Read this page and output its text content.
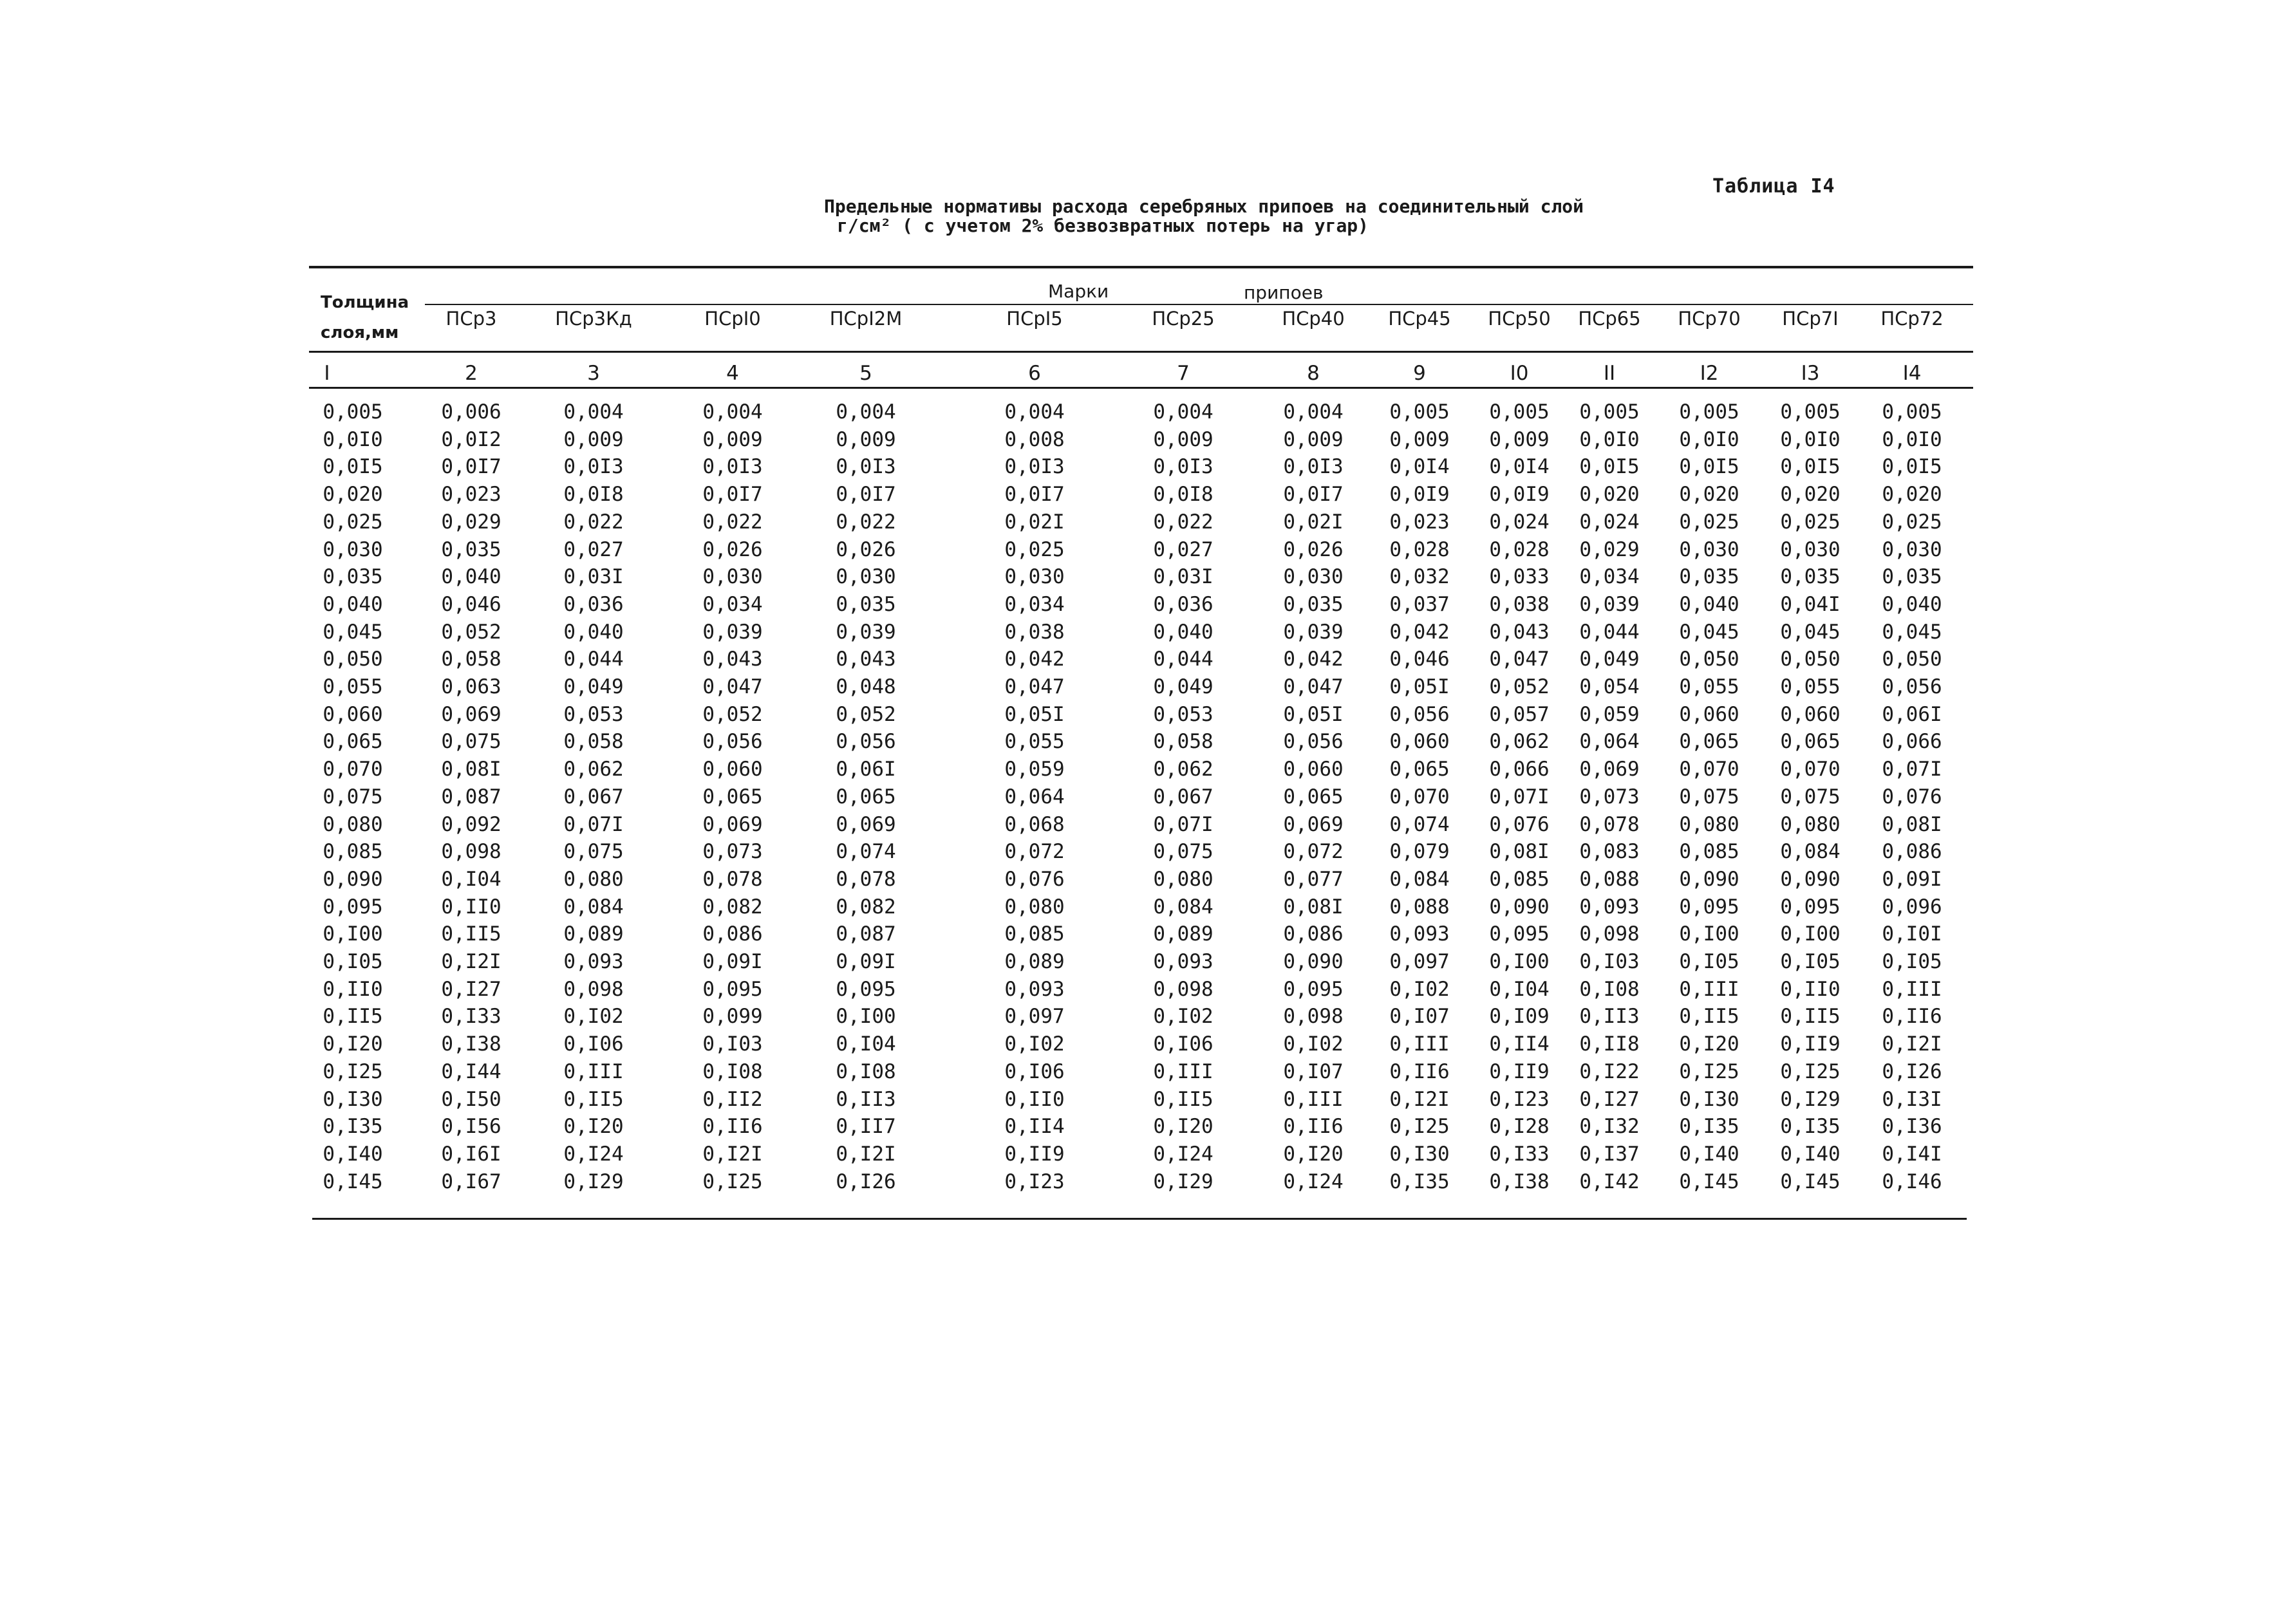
Таблица I4
Предельные нормативы расхода серебряных припоев на соединительный слой
г/см² ( с учетом 2% безвозвратных потерь на угар)
Толщина
слоя,мм
Марки	припоев
ПСр3	ПСр3Кд	ПСрI0	ПСрI2М	ПСрI5	ПСр25	ПСр40	ПСр45	ПСр50	ПСр65	ПСр70	ПСр7I	ПСр72
I	2	3	4	5	6	7	8	9	I0	II	I2	I3	I4
0,005	0,006	0,004	0,004	0,004	0,004	0,004	0,004	0,005	0,005	0,005	0,005	0,005	0,005
0,0I0	0,0I2	0,009	0,009	0,009	0,008	0,009	0,009	0,009	0,009	0,0I0	0,0I0	0,0I0	0,0I0
0,0I5	0,0I7	0,0I3	0,0I3	0,0I3	0,0I3	0,0I3	0,0I3	0,0I4	0,0I4	0,0I5	0,0I5	0,0I5	0,0I5
0,020	0,023	0,0I8	0,0I7	0,0I7	0,0I7	0,0I8	0,0I7	0,0I9	0,0I9	0,020	0,020	0,020	0,020
0,025	0,029	0,022	0,022	0,022	0,02I	0,022	0,02I	0,023	0,024	0,024	0,025	0,025	0,025
0,030	0,035	0,027	0,026	0,026	0,025	0,027	0,026	0,028	0,028	0,029	0,030	0,030	0,030
0,035	0,040	0,03I	0,030	0,030	0,030	0,03I	0,030	0,032	0,033	0,034	0,035	0,035	0,035
0,040	0,046	0,036	0,034	0,035	0,034	0,036	0,035	0,037	0,038	0,039	0,040	0,04I	0,040
0,045	0,052	0,040	0,039	0,039	0,038	0,040	0,039	0,042	0,043	0,044	0,045	0,045	0,045
0,050	0,058	0,044	0,043	0,043	0,042	0,044	0,042	0,046	0,047	0,049	0,050	0,050	0,050
0,055	0,063	0,049	0,047	0,048	0,047	0,049	0,047	0,05I	0,052	0,054	0,055	0,055	0,056
0,060	0,069	0,053	0,052	0,052	0,05I	0,053	0,05I	0,056	0,057	0,059	0,060	0,060	0,06I
0,065	0,075	0,058	0,056	0,056	0,055	0,058	0,056	0,060	0,062	0,064	0,065	0,065	0,066
0,070	0,08I	0,062	0,060	0,06I	0,059	0,062	0,060	0,065	0,066	0,069	0,070	0,070	0,07I
0,075	0,087	0,067	0,065	0,065	0,064	0,067	0,065	0,070	0,07I	0,073	0,075	0,075	0,076
0,080	0,092	0,07I	0,069	0,069	0,068	0,07I	0,069	0,074	0,076	0,078	0,080	0,080	0,08I
0,085	0,098	0,075	0,073	0,074	0,072	0,075	0,072	0,079	0,08I	0,083	0,085	0,084	0,086
0,090	0,I04	0,080	0,078	0,078	0,076	0,080	0,077	0,084	0,085	0,088	0,090	0,090	0,09I
0,095	0,II0	0,084	0,082	0,082	0,080	0,084	0,08I	0,088	0,090	0,093	0,095	0,095	0,096
0,I00	0,II5	0,089	0,086	0,087	0,085	0,089	0,086	0,093	0,095	0,098	0,I00	0,I00	0,I0I
0,I05	0,I2I	0,093	0,09I	0,09I	0,089	0,093	0,090	0,097	0,I00	0,I03	0,I05	0,I05	0,I05
0,II0	0,I27	0,098	0,095	0,095	0,093	0,098	0,095	0,I02	0,I04	0,I08	0,III	0,II0	0,III
0,II5	0,I33	0,I02	0,099	0,I00	0,097	0,I02	0,098	0,I07	0,I09	0,II3	0,II5	0,II5	0,II6
0,I20	0,I38	0,I06	0,I03	0,I04	0,I02	0,I06	0,I02	0,III	0,II4	0,II8	0,I20	0,II9	0,I2I
0,I25	0,I44	0,III	0,I08	0,I08	0,I06	0,III	0,I07	0,II6	0,II9	0,I22	0,I25	0,I25	0,I26
0,I30	0,I50	0,II5	0,II2	0,II3	0,II0	0,II5	0,III	0,I2I	0,I23	0,I27	0,I30	0,I29	0,I3I
0,I35	0,I56	0,I20	0,II6	0,II7	0,II4	0,I20	0,II6	0,I25	0,I28	0,I32	0,I35	0,I35	0,I36
0,I40	0,I6I	0,I24	0,I2I	0,I2I	0,II9	0,I24	0,I20	0,I30	0,I33	0,I37	0,I40	0,I40	0,I4I
0,I45	0,I67	0,I29	0,I25	0,I26	0,I23	0,I29	0,I24	0,I35	0,I38	0,I42	0,I45	0,I45	0,I46
